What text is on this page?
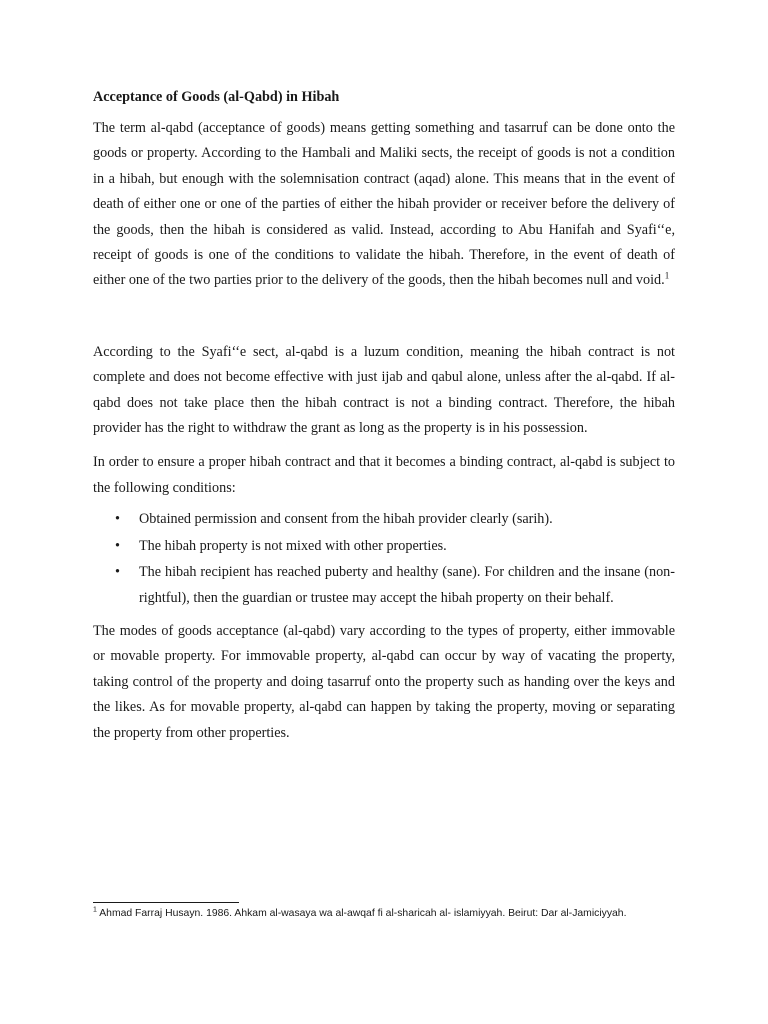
Acceptance of Goods (al-Qabd) in Hibah

The term al-qabd (acceptance of goods) means getting something and tasarruf can be done onto the goods or property. According to the Hambali and Maliki sects, the receipt of goods is not a condition in a hibah, but enough with the solemnisation contract (aqad) alone. This means that in the event of death of either one or one of the parties of either the hibah provider or receiver before the delivery of the goods, then the hibah is considered as valid. Instead, according to Abu Hanifah and Syafi‘‘e, receipt of goods is one of the conditions to validate the hibah. Therefore, in the event of death of either one of the two parties prior to the delivery of the goods, then the hibah becomes null and void.$^1$

According to the Syafi‘‘e sect, al-qabd is a luzum condition, meaning the hibah contract is not complete and does not become effective with just ijab and qabul alone, unless after the al-qabd. If al-qabd does not take place then the hibah contract is not a binding contract. Therefore, the hibah provider has the right to withdraw the grant as long as the property is in his possession.

In order to ensure a proper hibah contract and that it becomes a binding contract, al-qabd is subject to the following conditions:

• Obtained permission and consent from the hibah provider clearly (sarih).
• The hibah property is not mixed with other properties.
• The hibah recipient has reached puberty and healthy (sane). For children and the insane (non-rightful), then the guardian or trustee may accept the hibah property on their behalf.

The modes of goods acceptance (al-qabd) vary according to the types of property, either immovable or movable property. For immovable property, al-qabd can occur by way of vacating the property, taking control of the property and doing tasarruf onto the property such as handing over the keys and the likes. As for movable property, al-qabd can happen by taking the property, moving or separating the property from other properties.

$^1$ Ahmad Farraj Husayn. 1986. Ahkam al-wasaya wa al-awqaf fi al-sharicah al- islamiyyah. Beirut: Dar al-Jamiciyyah.
